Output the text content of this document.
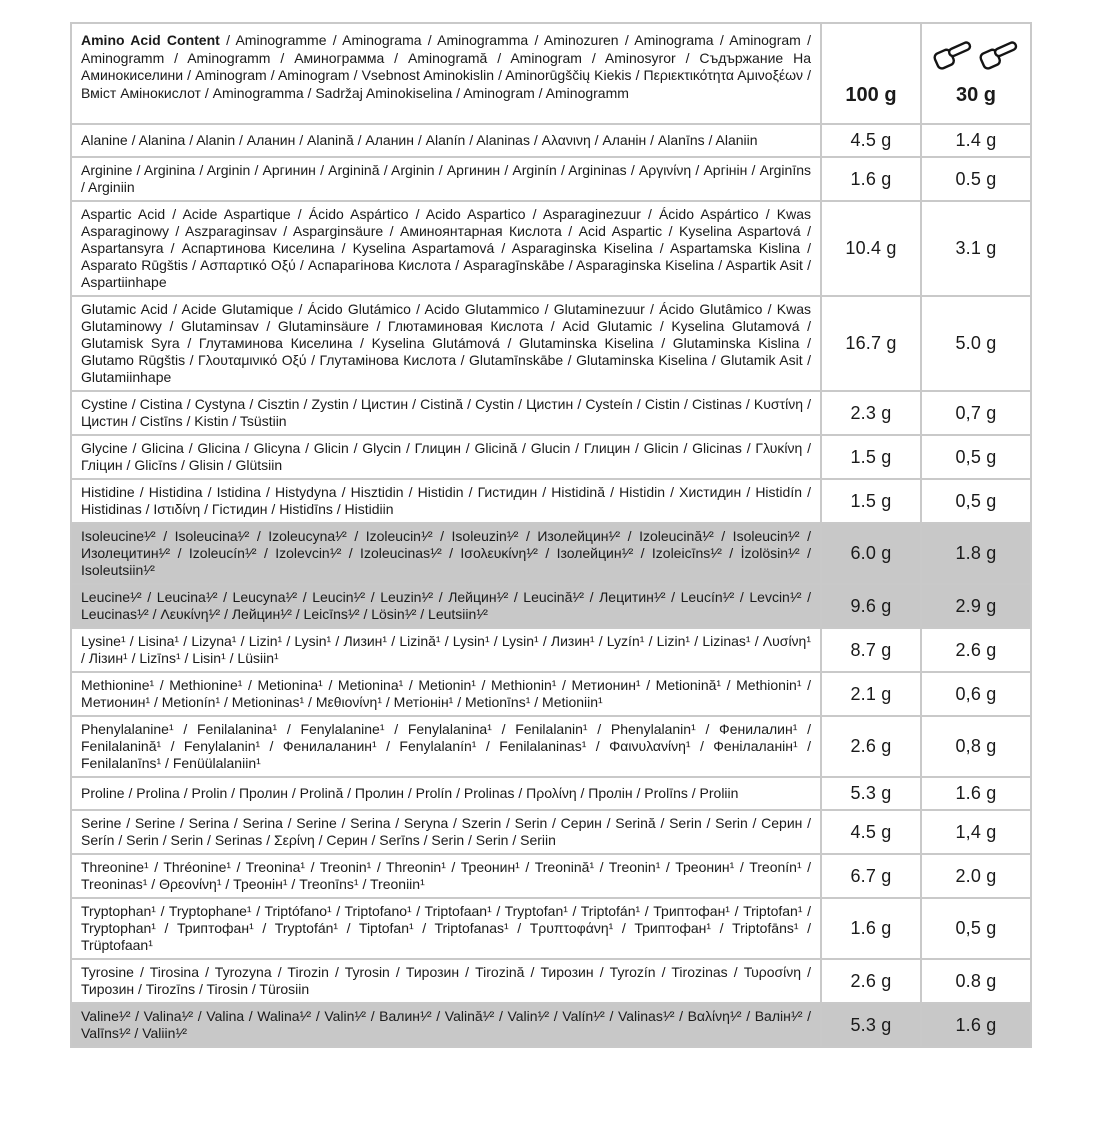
Amino Acid Content / Aminogramme / Aminograma / Aminogramma / Aminozuren / Aminograma / Aminogram / Aminogramm / Aminogramm / Аминограмма / Aminogramă / Aminogram / Aminosyror / Съдържание На Аминокиселини / Aminogram / Aminogram / Vsebnost Aminokislin / Aminorūgščių Kiekis / Περιεκτικότητα Αμινοξέων / Вміст Амінокислот / Aminogramma / Sadržaj Aminokiselina / Aminogram / Aminogramm	100 g	30 g
Alanine / Alanina / Alanin / Аланин / Alanină / Аланин / Alanín / Alaninas / Αλανινη / Аланін / Alanīns / Alaniin	4.5 g	1.4 g
Arginine / Arginina / Arginin / Аргинин / Arginină / Arginin / Аргинин / Arginín / Argininas / Αργινίνη / Аргінін / Arginīns / Arginiin	1.6 g	0.5 g
Aspartic Acid / Acide Aspartique / Ácido Aspártico / Acido Aspartico / Asparaginezuur / Ácido Aspártico / Kwas Asparaginowy / Aszparaginsav / Asparginsäure / Аминоянтарная Кислота / Acid Aspartic / Kyselina Aspartová / Aspartansyra / Аспартинова Киселина / Kyselina Aspartamová / Asparaginska Kiselina / Aspartamska Kislina / Asparato Rūgštis / Ασπαρτικό Οξύ / Аспарагінова Кислота / Asparagīnskābe / Asparaginska Kiselina / Aspartik Asit / Aspartiinhape	10.4 g	3.1 g
Glutamic Acid / Acide Glutamique / Ácido Glutámico / Acido Glutammico / Glutaminezuur / Ácido Glutâmico / Kwas Glutaminowy / Glutaminsav / Glutaminsäure / Глютаминовая Кислота / Acid Glutamic / Kyselina Glutamová / Glutamisk Syra / Глутаминова Киселина / Kyselina Glutámová / Glutaminska Kiselina / Glutaminska Kislina / Glutamo Rūgštis / Γλουταμινικό Οξύ / Глутамінова Кислота / Glutamīnskābe / Glutaminska Kiselina / Glutamik Asit / Glutamiinhape	16.7 g	5.0 g
Cystine / Cistina / Cystyna / Cisztin / Zystin / Цистин / Cistină / Cystin / Цистин / Cysteín / Cistin / Cistinas / Κυστίνη / Цистин / Cistīns / Kistin / Tsüstiin	2.3 g	0,7 g
Glycine / Glicina / Glicina / Glicyna / Glicin / Glycin / Глицин / Glicină / Glucin / Глицин / Glicin / Glicinas / Γλυκίνη / Гліцин / Glicīns / Glisin / Glütsiin	1.5 g	0,5 g
Histidine / Histidina / Istidina / Histydyna / Hisztidin / Histidin / Гистидин / Histidină / Histidin / Хистидин / Histidín / Histidinas / Ιστιδίνη / Гістидин / Histidīns / Histidiin	1.5 g	0,5 g
Isoleucine¹⁄² / Isoleucina¹⁄² / Izoleucyna¹⁄² / Izoleucin¹⁄² / Isoleuzin¹⁄² / Изолейцин¹⁄² / Izoleucină¹⁄² / Isoleucin¹⁄² / Изолецитин¹⁄² / Izoleucín¹⁄² / Izolevcin¹⁄² / Izoleucinas¹⁄² / Ισολευκίνη¹⁄² / Ізолейцин¹⁄² / Izoleicīns¹⁄² / İzolösin¹⁄² / Isoleutsiin¹⁄²	6.0 g	1.8 g
Leucine¹⁄² / Leucina¹⁄² / Leucyna¹⁄² / Leucin¹⁄² / Leuzin¹⁄² / Лейцин¹⁄² / Leucină¹⁄² / Лецитин¹⁄² / Leucín¹⁄² / Levcin¹⁄² / Leucinas¹⁄² / Λευκίνη¹⁄² / Лейцин¹⁄² / Leicīns¹⁄² / Lösin¹⁄² / Leutsiin¹⁄²	9.6 g	2.9 g
Lysine¹ / Lisina¹ / Lizyna¹ / Lizin¹ / Lysin¹ / Лизин¹ / Lizină¹ / Lysin¹ / Lysin¹ / Лизин¹ / Lyzín¹ / Lizin¹ / Lizinas¹ / Λυσίνη¹ / Лізин¹ / Lizīns¹ / Lisin¹ / Lüsiin¹	8.7 g	2.6 g
Methionine¹ / Methionine¹ / Metionina¹ / Metionina¹ / Metionin¹ / Methionin¹ / Метионин¹ / Metionină¹ / Methionin¹ / Метионин¹ / Metionín¹ / Metioninas¹ / Μεθιονίνη¹ / Метіонін¹ / Metionīns¹ / Metioniin¹	2.1 g	0,6 g
Phenylalanine¹ / Fenilalanina¹ / Fenylalanine¹ / Fenylalanina¹ / Fenilalanin¹ / Phenylalanin¹ / Фенилалин¹ / Fenilalanină¹ / Fenylalanin¹ / Фенилаланин¹ / Fenylalanín¹ / Fenilalaninas¹ / Φαινυλανίνη¹ / Фенілаланін¹ / Fenilalanīns¹ / Fenüülalaniin¹	2.6 g	0,8 g
Proline / Prolina / Prolin / Пролин / Prolină / Пролин / Prolín / Prolinas / Προλίνη / Пролін / Prolīns / Proliin	5.3 g	1.6 g
Serine / Serine / Serina / Serina / Serine / Serina / Seryna / Szerin / Serin / Серин / Serină / Serin / Serin / Серин / Serín / Serin / Serin / Serinas / Σερίνη / Серин / Serīns / Serin / Serin / Seriin	4.5 g	1,4 g
Threonine¹ / Thréonine¹ / Treonina¹ / Treonin¹ / Threonin¹ / Треонин¹ / Treonină¹ / Treonin¹ / Треонин¹ / Treonín¹ / Treoninas¹ / Θρεονίνη¹ / Треонін¹ / Treonīns¹ / Treoniin¹	6.7 g	2.0 g
Tryptophan¹ / Tryptophane¹ / Triptófano¹ / Triptofano¹ / Triptofaan¹ / Tryptofan¹ / Triptofán¹ / Триптофан¹ / Triptofan¹ / Tryptophan¹ / Триптофан¹ / Tryptofán¹ / Tiptofan¹ / Triptofanas¹ / Τρυπτοφάνη¹ / Триптофан¹ / Triptofāns¹ / Trüptofaan¹	1.6 g	0,5 g
Tyrosine / Tirosina / Tyrozyna / Tirozin / Tyrosin / Тирозин / Tirozină / Тирозин / Tyrozín / Tirozinas / Τυροσίνη / Тирозин / Tirozīns / Tirosin / Türosiin	2.6 g	0.8 g
Valine¹⁄² / Valina¹⁄² / Valina / Walina¹⁄² / Valin¹⁄² / Валин¹⁄² / Valină¹⁄² / Valin¹⁄² / Valín¹⁄² / Valinas¹⁄² / Βαλίνη¹⁄² / Валін¹⁄² / Valīns¹⁄² / Valiin¹⁄²	5.3 g	1.6 g
